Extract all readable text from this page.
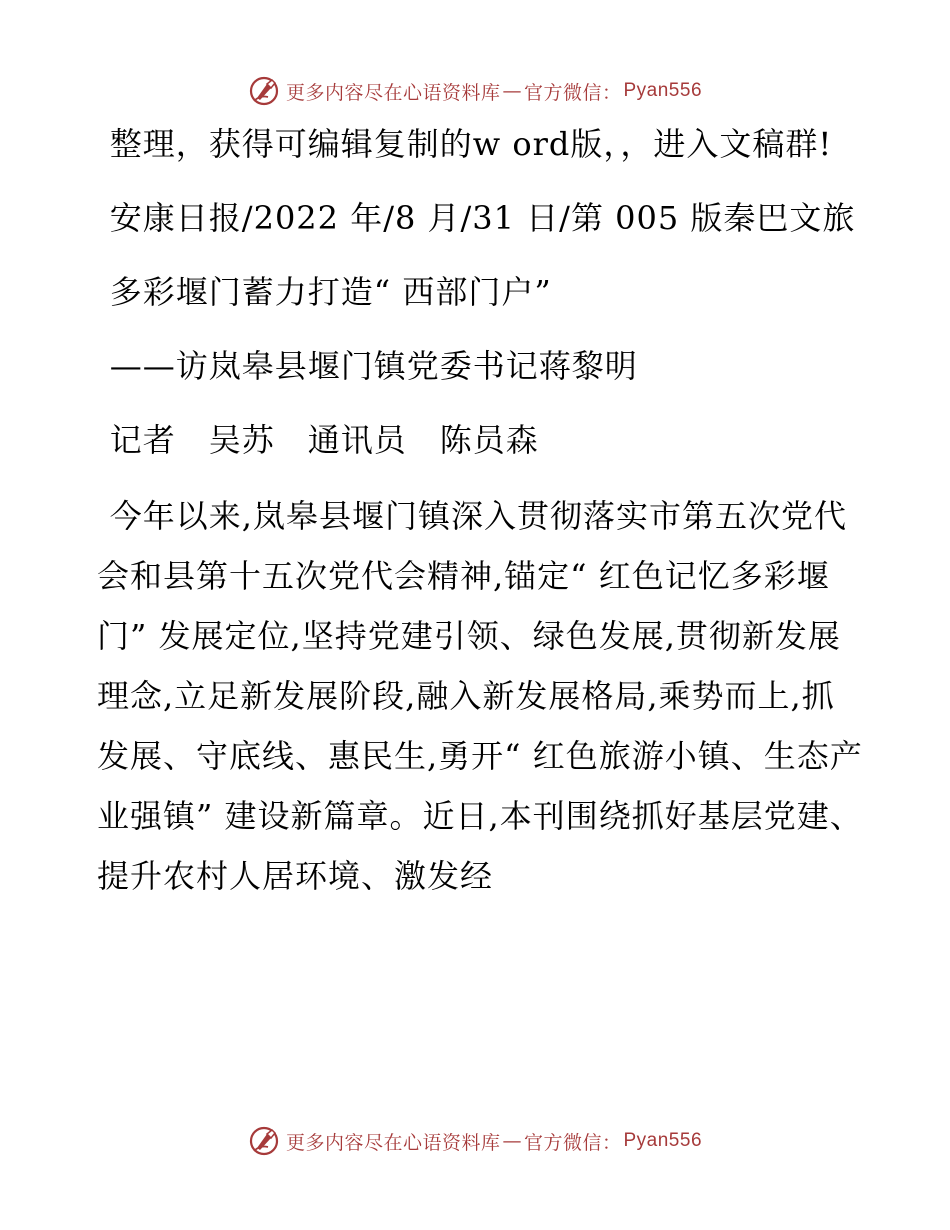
更多内容尽在心语资料库 — 官方微信： Pyan556

整理，获得可编辑复制的w ord版，，进入文稿群!

安康日报/2022 年/8 月/31 日/第 005 版秦巴文旅

多彩堰门蓄力打造“ 西部门户”

——访岚皋县堰门镇党委书记蒋黎明

记者　吴苏　通讯员　陈员森

今年以来,岚皋县堰门镇深入贯彻落实市第五次党代会和县第十五次党代会精神,锚定“ 红色记忆多彩堰门” 发展定位,坚持党建引领、绿色发展,贯彻新发展理念,立足新发展阶段,融入新发展格局,乘势而上,抓发展、守底线、惠民生,勇开“ 红色旅游小镇、生态产业强镇” 建设新篇章。近日,本刊围绕抓好基层党建、提升农村人居环境、激发经

更多内容尽在心语资料库 — 官方微信： Pyan556
